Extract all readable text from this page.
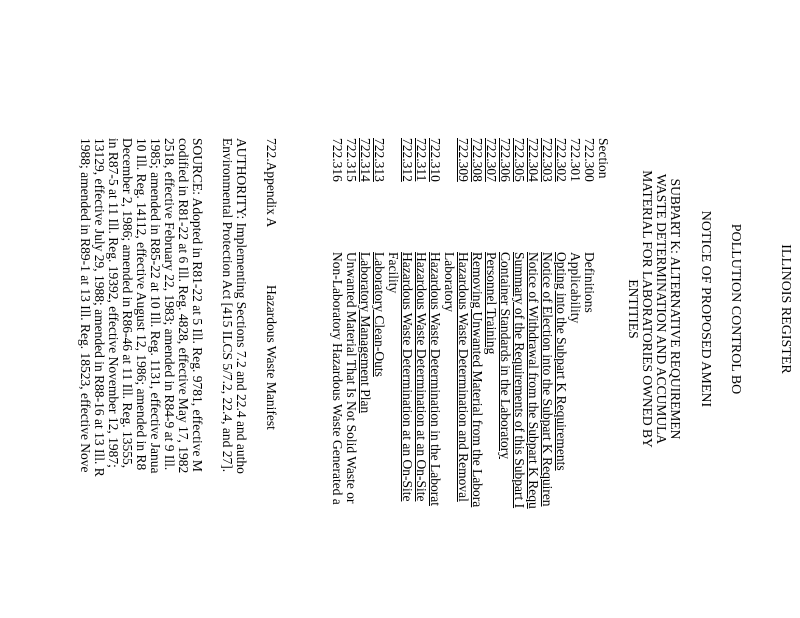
ILLINOIS REGISTER
POLLUTION CONTROL BO
NOTICE OF PROPOSED AMENI
SUBPART K: ALTERNATIVE REQUIREMEN
WASTE DETERMINATION AND ACCUMULA
MATERIAL FOR LABORATORIES OWNED BY
ENTITIES
Section
722.300
Definitions
722.301
Applicability
722.302
Opting into the Subpart K Requirements
722.303
Notice of Election into the Subpart K Requiren
722.304
Notice of Withdrawal from the Subpart K Requ
722.305
Summary of the Requirements of this Subpart I
722.306
Container Standards in the Laboratory
722.307
Personnel Training
722.308
Removing Unwanted Material from the Labora
722.309
Hazardous Waste Determination and Removal
Laboratory
722.310
Hazardous Waste Determination in the Laborat
722.311
Hazardous Waste Determination at an On-Site
722.312
Hazardous Waste Determination at an On-Site
Facility
722.313
Laboratory Clean-Outs
722.314
Laboratory Management Plan
722.315
Unwanted Material That Is Not Solid Waste or
722.316
Non-Laboratory Hazardous Waste Generated a
722.Appendix A
Hazardous Waste Manifest
AUTHORITY: Implementing Sections 7.2 and 22.4 and autho
Environmental Protection Act [415 ILCS 5/7.2, 22.4, and 27].
SOURCE: Adopted in R81-22 at 5 Ill. Reg. 9781, effective M
codified in R81-22 at 6 Ill. Reg. 4828, effective May 17, 1982
2518, effective February 22, 1983; amended in R84-9 at 9 Ill.
1985; amended in R85-22 at 10 Ill. Reg. 1131, effective Janua
10 Ill. Reg. 14112, effective August 12, 1986; amended in R8
December 2, 1986; amended in R86-46 at 11 Ill. Reg. 13555,
in R87-5 at 11 Ill. Reg. 19392, effective November 12, 1987;
13129, effective July 29, 1988; amended in R88-16 at 13 Ill. R
1988; amended in R89-1 at 13 Ill. Reg. 18523, effective Nove
